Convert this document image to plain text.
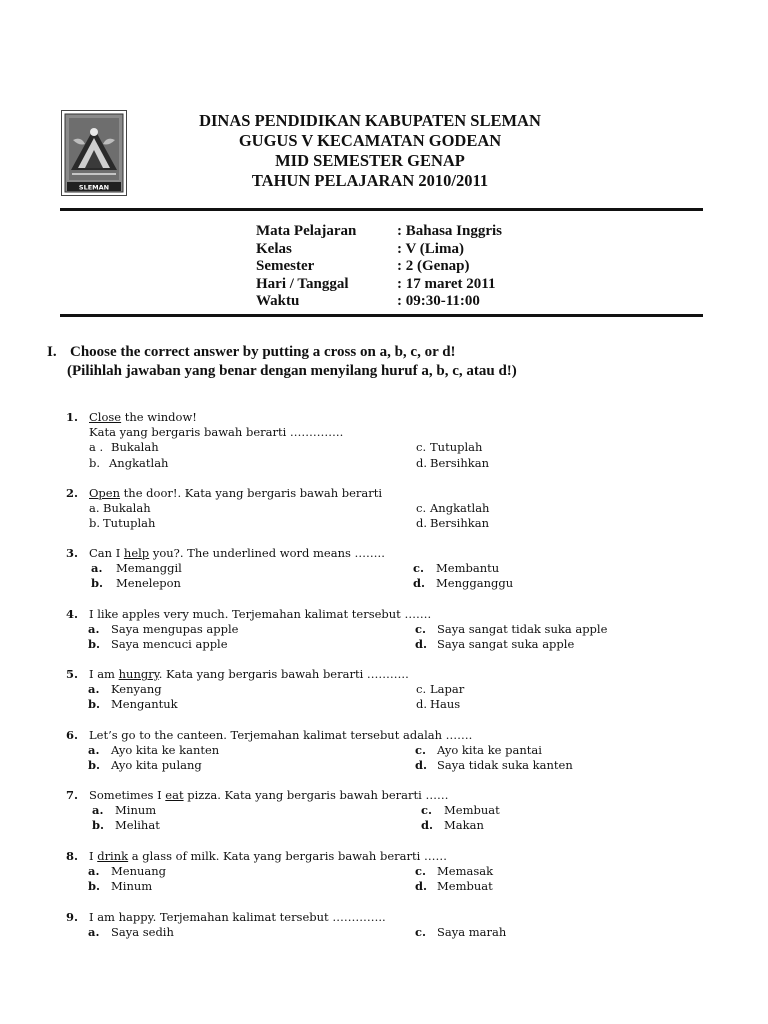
SLEMAN
DINAS PENDIDIKAN KABUPATEN SLEMAN
GUGUS V KECAMATAN GODEAN
MID SEMESTER GENAP
TAHUN PELAJARAN 2010/2011
Mata Pelajaran	: Bahasa Inggris
Kelas	: V (Lima)
Semester	: 2 (Genap)
Hari / Tanggal	: 17 maret 2011
Waktu	: 09:30-11:00
I. Choose the correct answer by putting a cross on a, b, c, or d!
(Pilihlah jawaban yang benar dengan menyilang huruf a, b, c, atau d!)
1. Close the window!
Kata yang bergaris bawah berarti …………..
a . Bukalah	c. Tutuplah
b. Angkatlah	d. Bersihkan
2. Open the door!. Kata yang bergaris bawah berarti
a. Bukalah	c. Angkatlah
b. Tutuplah	d. Bersihkan
3. Can I help you?. The underlined word means ……..
a. Memanggil	c. Membantu
b. Menelepon	d. Mengganggu
4. I like apples very much. Terjemahan kalimat tersebut …….
a. Saya mengupas apple	c. Saya sangat tidak suka apple
b. Saya mencuci apple	d. Saya sangat suka apple
5. I am hungry. Kata yang bergaris bawah berarti ………..
a. Kenyang	c. Lapar
b. Mengantuk	d. Haus
6. Let’s go to the canteen. Terjemahan kalimat tersebut adalah …….
a. Ayo kita ke kanten	c. Ayo kita ke pantai
b. Ayo kita pulang	d. Saya tidak suka kanten
7. Sometimes I eat pizza. Kata yang bergaris bawah berarti ……
a. Minum	c. Membuat
b. Melihat	d. Makan
8. I drink a glass of milk. Kata yang bergaris bawah berarti ……
a. Menuang	c. Memasak
b. Minum	d. Membuat
9. I am happy. Terjemahan kalimat tersebut …………..
a. Saya sedih	c. Saya marah
